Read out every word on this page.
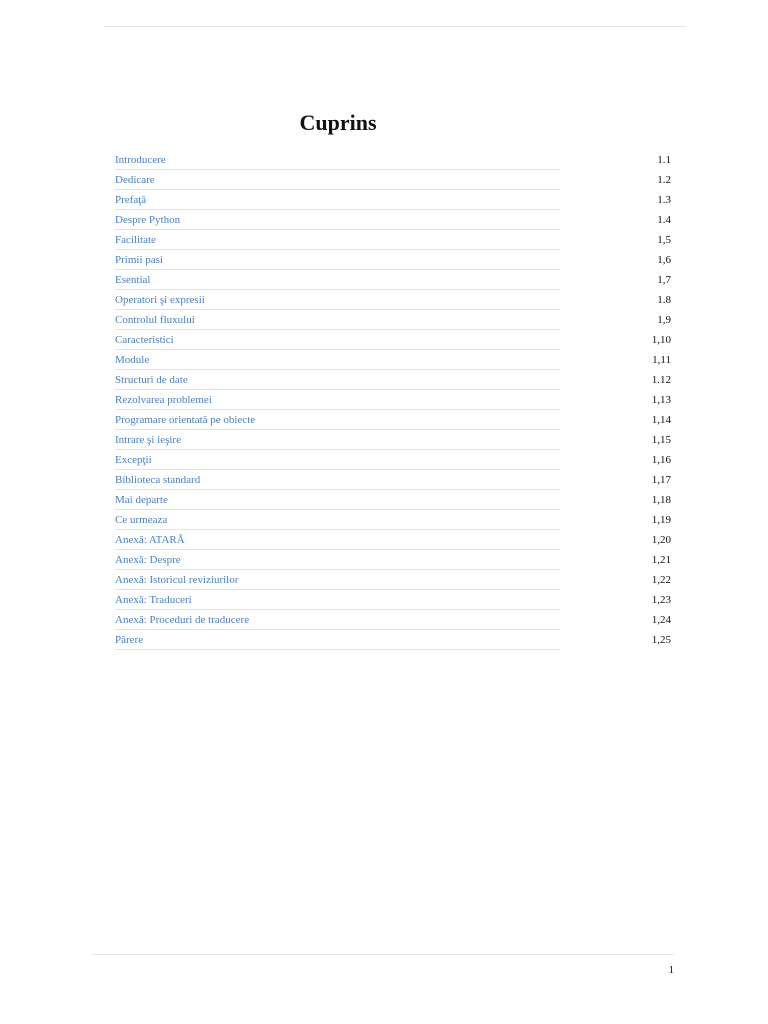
Cuprins
Introducere	1.1
Dedicare	1.2
Prefaţă	1.3
Despre Python	1.4
Facilitate	1,5
Primii pasi	1,6
Esential	1,7
Operatori şi expresii	1.8
Controlul fluxului	1,9
Caracteristici	1,10
Module	1,11
Structuri de date	1.12
Rezolvarea problemei	1,13
Programare orientată pe obiecte	1,14
Intrare şi ieşire	1,15
Excepţii	1,16
Biblioteca standard	1,17
Mai departe	1,18
Ce urmeaza	1,19
Anexă: ATARĂ	1,20
Anexă: Despre	1,21
Anexă: Istoricul reviziurilor	1,22
Anexă: Traduceri	1,23
Anexă: Proceduri de traducere	1,24
Părere	1,25
1
